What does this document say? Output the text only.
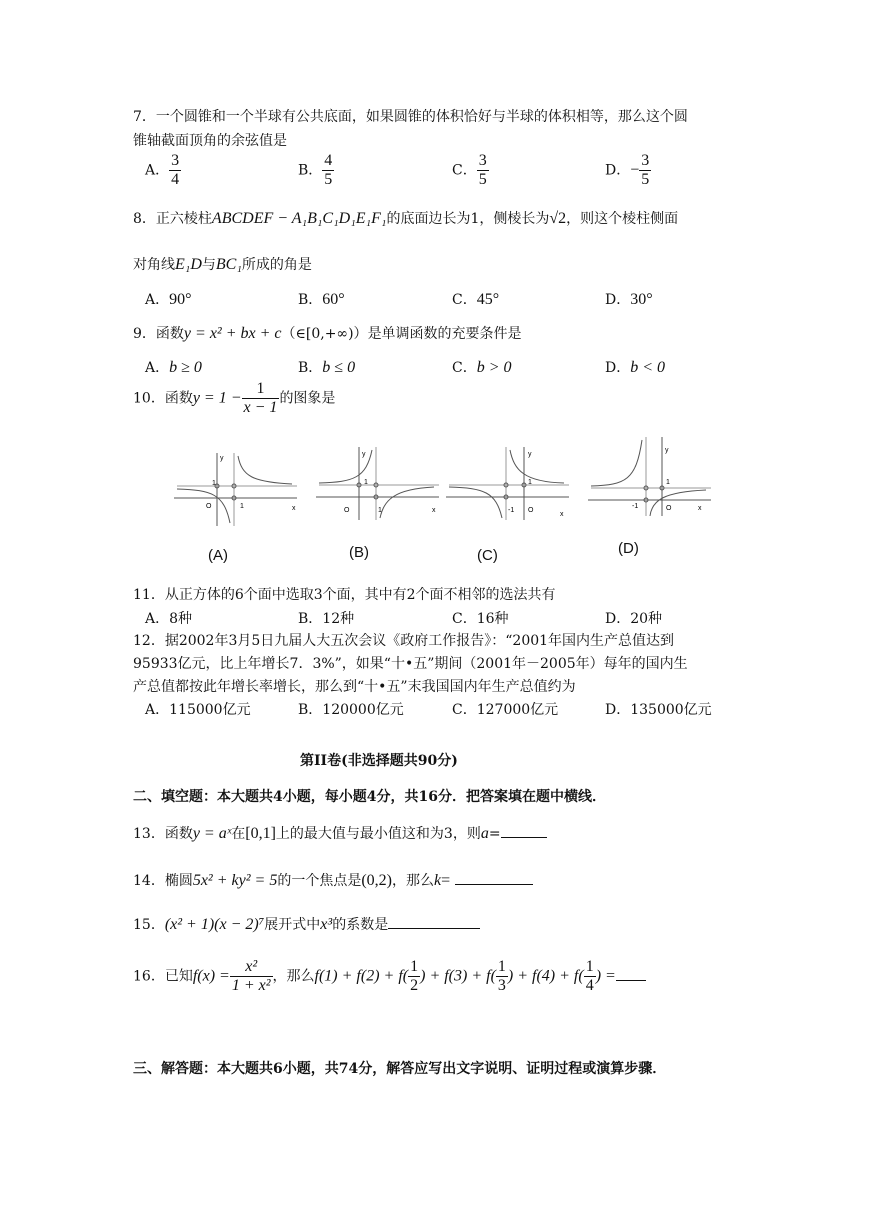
7．一个圆锥和一个半球有公共底面，如果圆锥的体积恰好与半球的体积相等，那么这个圆
锥轴截面顶角的余弦值是
A． $\frac{3}{4}$	B． $\frac{4}{5}$	C． $\frac{3}{5}$	D．− $\frac{3}{5}$
8．正六棱柱ABCDEF − A₁B₁C₁D₁E₁F₁的底面边长为1，侧棱长为√2，则这个棱柱侧面
对角线E₁D与BC₁所成的角是
A．90°	B．60°	C．45°	D．30°
9．函数y = x² + bx + c（∈[0,+∞)）是单调函数的充要条件是
A．b ≥ 0	B．b ≤ 0	C．b > 0	D．b < 0
10．函数$y = 1 - \frac{1}{x - 1}$ 的图象是
y
1
O	1	x
(A)
y
1
O	1	x
(B)
y
1
-1 O
x
(C)
y
1
-1	O	x
(D)
11．从正方体的6个面中选取3个面，其中有2个面不相邻的选法共有
A．8种	B．12种	C．16种	D．20种
12．据2002年3月5日九届人大五次会议《政府工作报告》：“2001年国内生产总值达到
95933亿元，比上年增长7．3%”，如果“十•五”期间（2001年－2005年）每年的国内生
产总值都按此年增长率增长，那么到“十•五”末我国国内年生产总值约为
A．115000亿元	B．120000亿元	C．127000亿元	D．135000亿元
第II卷(非选择题共90分)
二、填空题：本大题共4小题，每小题4分，共16分．把答案填在题中横线．
13．函数y = aˣ在[0,1]上的最大值与最小值这和为3，则a=
14．椭圆5x² + ky² = 5的一个焦点是(0,2)，那么k=
15．(x² + 1)(x − 2)⁷展开式中x³的系数是
16．已知$f(x) = \frac{\text{x²}}{\text{1 + x²}}$ ，那么$f(1) + f(2) + f( \frac{1}{2}$ ) + $f(3) + f( \frac{1}{3}$ ) + $f(4) + f( \frac{1}{4}$ ) =
三、解答题：本大题共6小题，共74分，解答应写出文字说明、证明过程或演算步骤．
